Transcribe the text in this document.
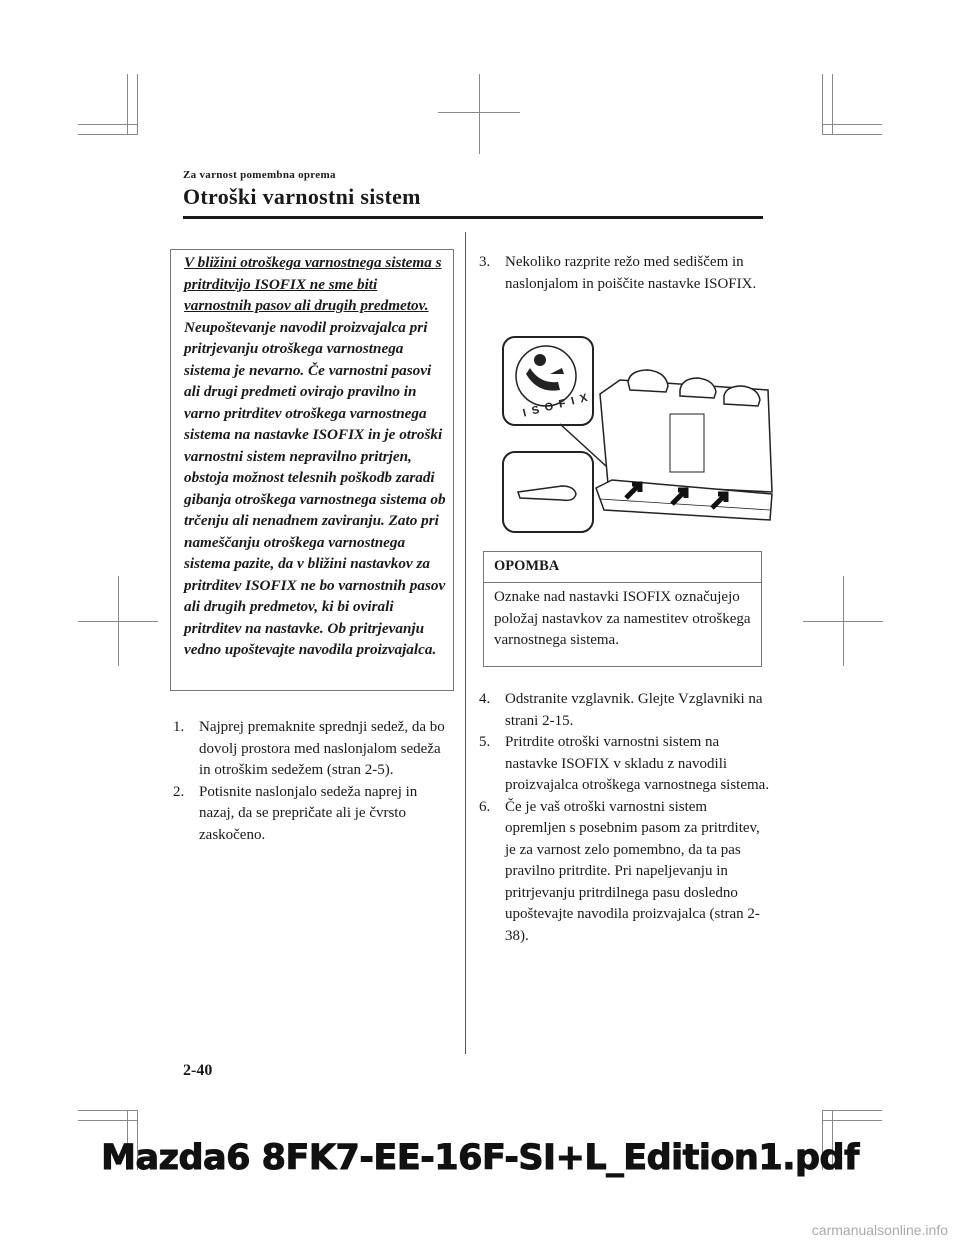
Za varnost pomembna oprema
Otroški varnostni sistem

V bližini otroškega varnostnega sistema s pritrditvijo ISOFIX ne sme biti varnostnih pasov ali drugih predmetov. Neupoštevanje navodil proizvajalca pri pritrjevanju otroškega varnostnega sistema je nevarno. Če varnostni pasovi ali drugi predmeti ovirajo pravilno in varno pritrditev otroškega varnostnega sistema na nastavke ISOFIX in je otroški varnostni sistem nepravilno pritrjen, obstoja možnost telesnih poškodb zaradi gibanja otroškega varnostnega sistema ob trčenju ali nenadnem zaviranju. Zato pri nameščanju otroškega varnostnega sistema pazite, da v bližini nastavkov za pritrditev ISOFIX ne bo varnostnih pasov ali drugih predmetov, ki bi ovirali pritrditev na nastavke. Ob pritrjevanju vedno upoštevajte navodila proizvajalca.

1. Najprej premaknite sprednji sedež, da bo dovolj prostora med naslonjalom sedeža in otroškim sedežem (stran 2-5).
2. Potisnite naslonjalo sedeža naprej in nazaj, da se prepričate ali je čvrsto zaskočeno.
3. Nekoliko razprite režo med sediščem in naslonjalom in poiščite nastavke ISOFIX.
ISOFIX
OPOMBA

Oznake nad nastavki ISOFIX označujejo položaj nastavkov za namestitev otroškega varnostnega sistema.

4. Odstranite vzglavnik. Glejte Vzglavniki na strani 2-15.
5. Pritrdite otroški varnostni sistem na nastavke ISOFIX v skladu z navodili proizvajalca otroškega varnostnega sistema.
6. Če je vaš otroški varnostni sistem opremljen s posebnim pasom za pritrditev, je za varnost zelo pomembno, da ta pas pravilno pritrdite. Pri napeljevanju in pritrjevanju pritrdilnega pasu dosledno upoštevajte navodila proizvajalca (stran 2-38).
2-40
Mazda6 8FK7-EE-16F-SI+L_Edition1.pdf
carmanualsonline.info
